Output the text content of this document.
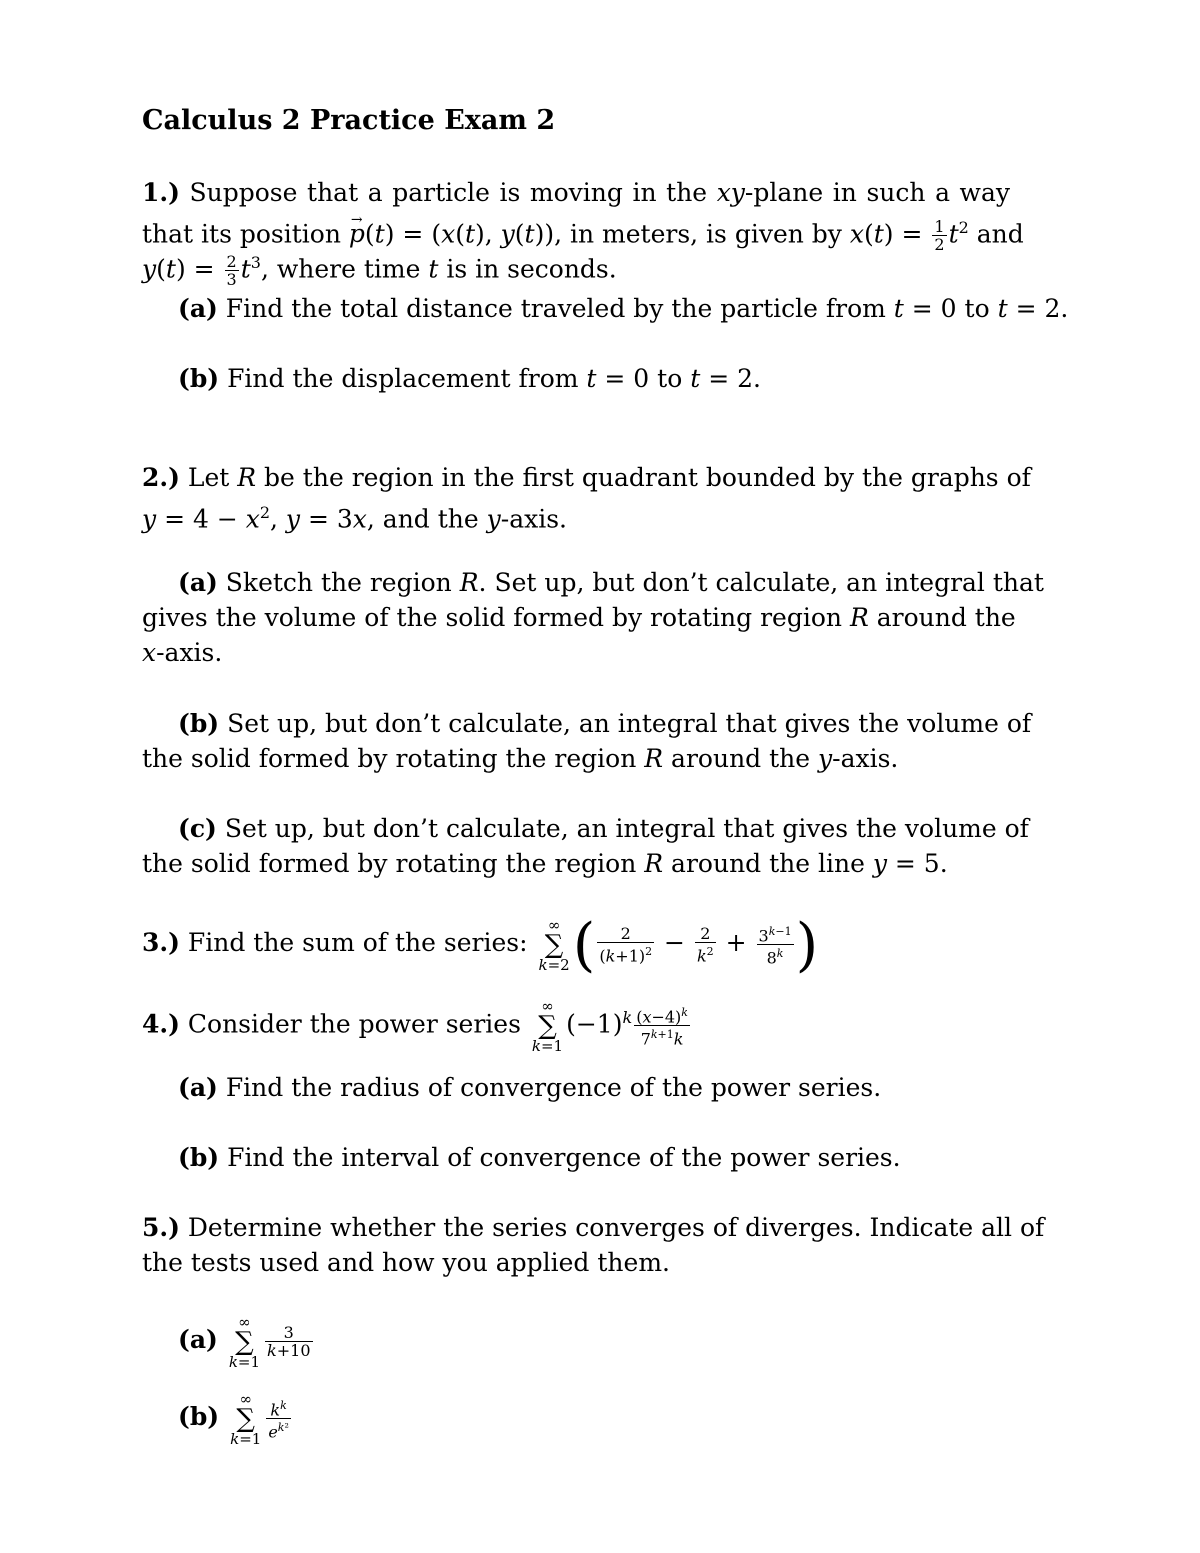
Calculus 2 Practice Exam 2
1.) Suppose that a particle is moving in the xy-plane in such a way
that its position → p(t) = (x(t), y(t)), in meters, is given by $x(t) = \frac{1}{2} t^2$ and
$y(t) = \frac{2}{3} t^3$, where time t is in seconds.
(a) Find the total distance traveled by the particle from t = 0 to t = 2.
(b) Find the displacement from t = 0 to t = 2.
2.) Let R be the region in the first quadrant bounded by the graphs of
$y = 4 - x^2$, y = 3x, and the y-axis.
(a) Sketch the region R. Set up, but don’t calculate, an integral that
gives the volume of the solid formed by rotating region R around the
x-axis.
(b) Set up, but don’t calculate, an integral that gives the volume of
the solid formed by rotating the region R around the y-axis.
(c) Set up, but don’t calculate, an integral that gives the volume of
the solid formed by rotating the region R around the line y = 5.
3.) Find the sum of the series: ∞
∑
$k=2( \frac{2}{(k+1)^2} - \frac{2}{k^2} + \frac{3^{k-1}}{8^k}$ )
4.) Consider the power series ∞
∑
$k=1(-1)^k \frac{(x-4)^k}{7^{k+1}k}$
(a) Find the radius of convergence of the power series.
(b) Find the interval of convergence of the power series.
5.) Determine whether the series converges of diverges. Indicate all of
the tests used and how you applied them.
(a) ∞
∑
k=1
$\frac{3}{k+10}$
(b) ∞
∑
$k=1 \frac{k^k}{e^{k^2}}$
